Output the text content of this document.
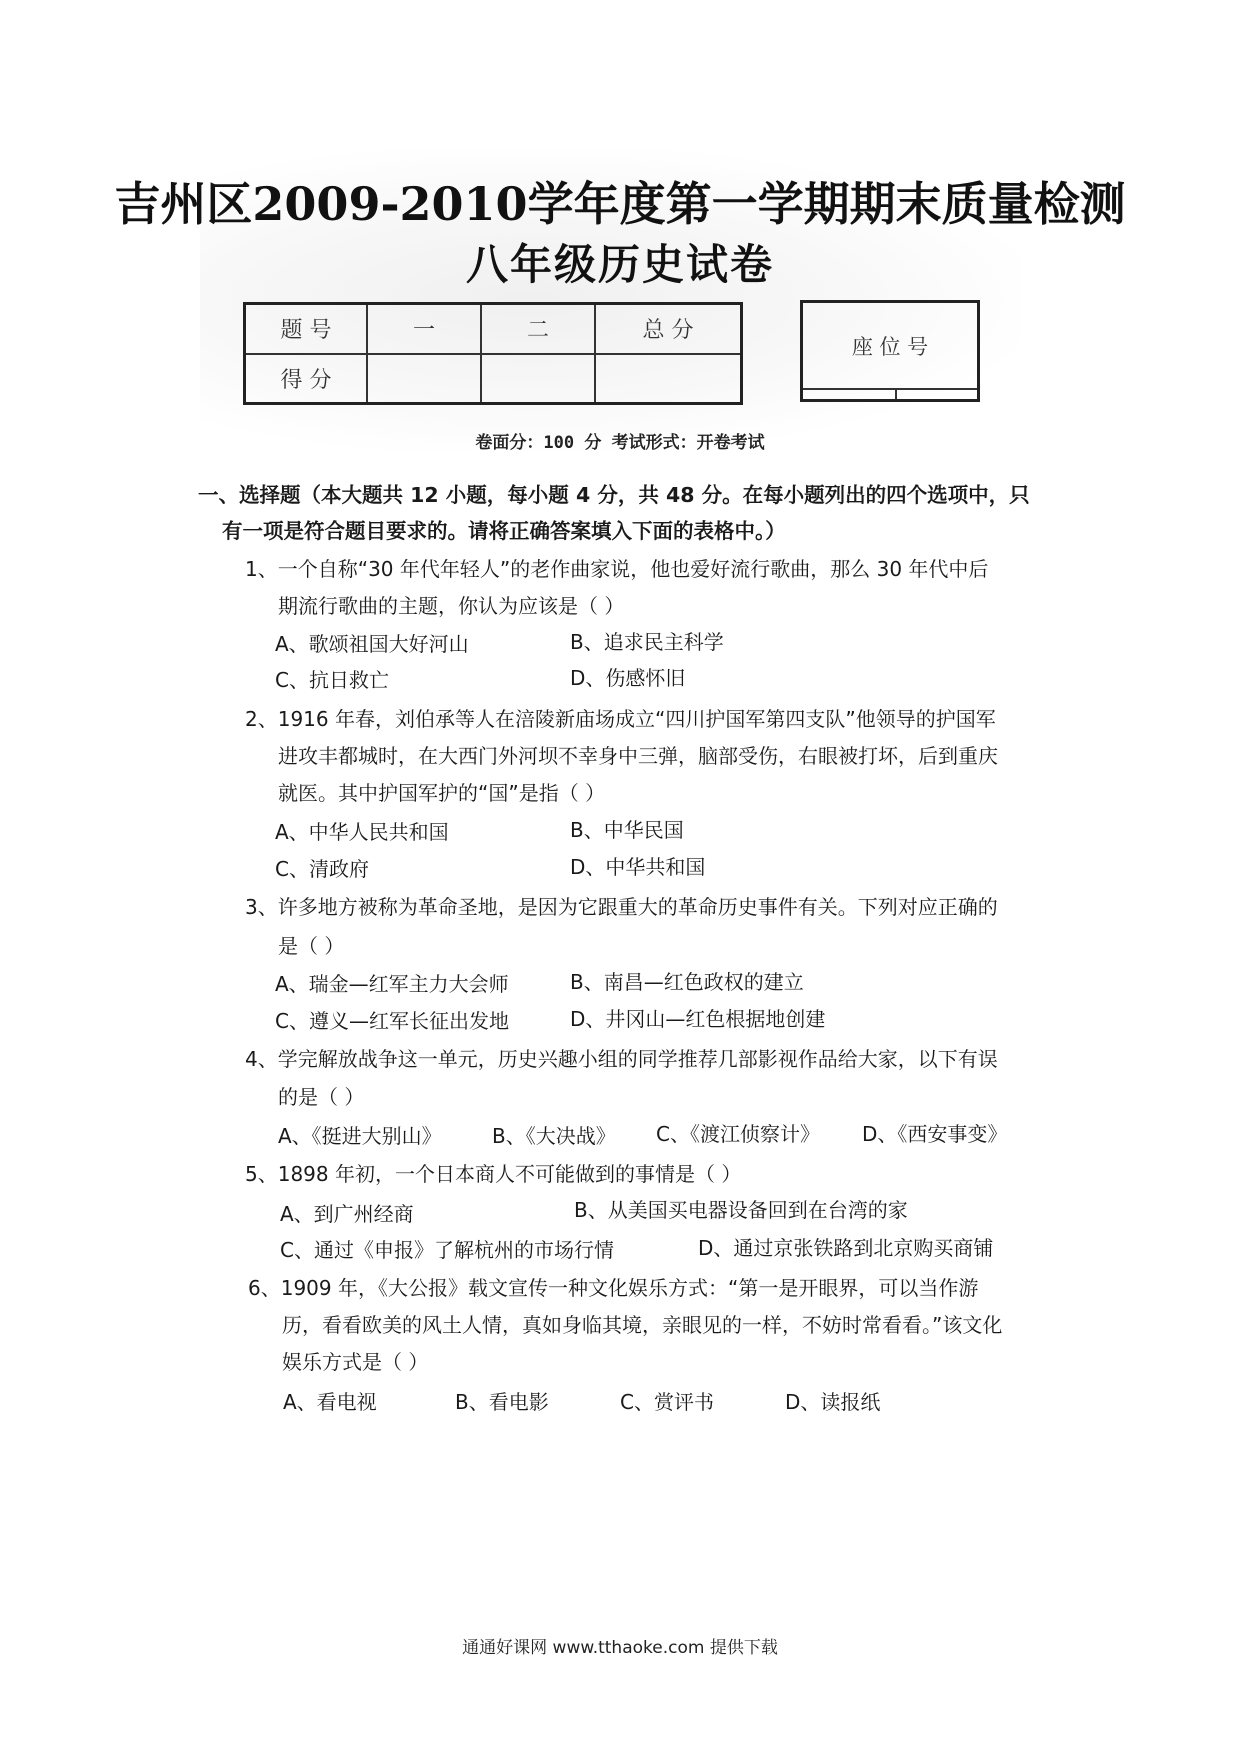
吉州区2009-2010学年度第一学期期末质量检测
八年级历史试卷
题 号	一	二	总 分
得 分			
座 位 号

卷面分：100 分 考试形式：开卷考试
一、选择题（本大题共 12 小题，每小题 4 分，共 48 分。在每小题列出的四个选项中，只
有一项是符合题目要求的。请将正确答案填入下面的表格中。）
1、一个自称“30 年代年轻人”的老作曲家说，他也爱好流行歌曲，那么 30 年代中后
期流行歌曲的主题，你认为应该是（ ）
A、歌颂祖国大好河山	B、追求民主科学
C、抗日救亡	D、伤感怀旧
2、1916 年春，刘伯承等人在涪陵新庙场成立“四川护国军第四支队”他领导的护国军
进攻丰都城时，在大西门外河坝不幸身中三弹，脑部受伤，右眼被打坏，后到重庆
就医。其中护国军护的“国”是指（ ）
A、中华人民共和国	B、中华民国
C、清政府	D、中华共和国
3、许多地方被称为革命圣地，是因为它跟重大的革命历史事件有关。下列对应正确的
是（ ）
A、瑞金—红军主力大会师	B、南昌—红色政权的建立
C、遵义—红军长征出发地	D、井冈山—红色根据地创建
4、学完解放战争这一单元，历史兴趣小组的同学推荐几部影视作品给大家，以下有误
的是（ ）
A、《挺进大别山》	B、《大决战》 C、《渡江侦察计》 D、《西安事变》
5、1898 年初，一个日本商人不可能做到的事情是（ ）
A、到广州经商	B、从美国买电器设备回到在台湾的家
C、通过《申报》了解杭州的市场行情	D、通过京张铁路到北京购买商铺
6、1909 年，《大公报》载文宣传一种文化娱乐方式：“第一是开眼界，可以当作游
历，看看欧美的风土人情，真如身临其境，亲眼见的一样，不妨时常看看。”该文化
娱乐方式是（ ）
A、看电视	B、看电影	C、赏评书	D、读报纸
通通好课网 www.tthaoke.com 提供下载
